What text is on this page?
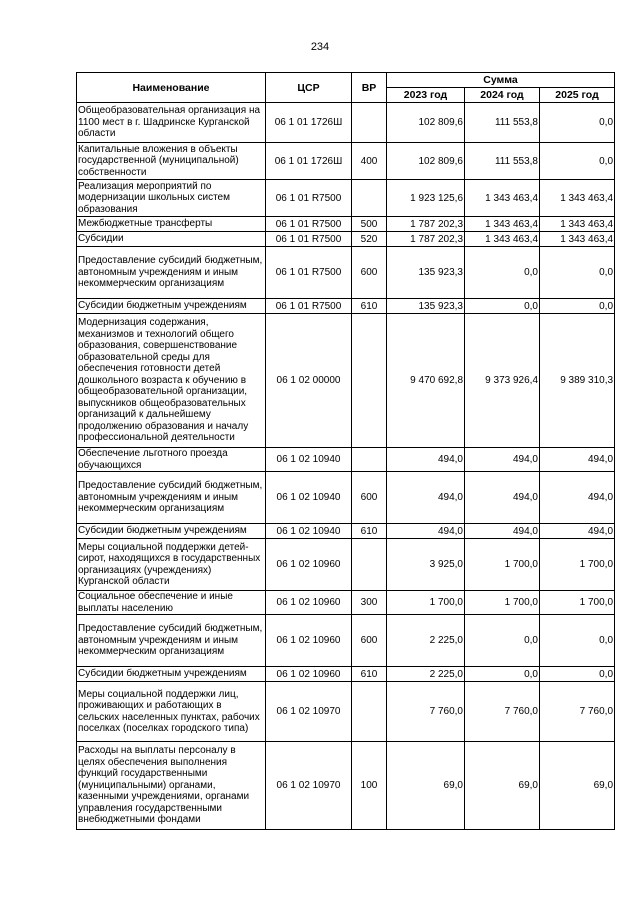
234
Наименование	ЦСР	ВР	Сумма		
			2023 год	2024 год	2025 год
Общеобразовательная организация на 1100 мест в г. Шадринске Курганской области	06 1 01 1726Ш		102 809,6	111 553,8	0,0
Капитальные вложения в объекты государственной (муниципальной) собственности	06 1 01 1726Ш	400	102 809,6	111 553,8	0,0
Реализация мероприятий по модернизации школьных систем образования	06 1 01 R7500		1 923 125,6	1 343 463,4	1 343 463,4
Межбюджетные трансферты	06 1 01 R7500	500	1 787 202,3	1 343 463,4	1 343 463,4
Субсидии	06 1 01 R7500	520	1 787 202,3	1 343 463,4	1 343 463,4
Предоставление субсидий бюджетным, автономным учреждениям и иным некоммерческим организациям	06 1 01 R7500	600	135 923,3	0,0	0,0
Субсидии бюджетным учреждениям	06 1 01 R7500	610	135 923,3	0,0	0,0
Модернизация содержания, механизмов и технологий общего образования, совершенствование образовательной среды для обеспечения готовности детей дошкольного возраста к обучению в общеобразовательной организации, выпускников общеобразовательных организаций к дальнейшему продолжению образования и началу профессиональной деятельности	06 1 02 00000		9 470 692,8	9 373 926,4	9 389 310,3
Обеспечение льготного проезда обучающихся	06 1 02 10940		494,0	494,0	494,0
Предоставление субсидий бюджетным, автономным учреждениям и иным некоммерческим организациям	06 1 02 10940	600	494,0	494,0	494,0
Субсидии бюджетным учреждениям	06 1 02 10940	610	494,0	494,0	494,0
Меры социальной поддержки детей-сирот, находящихся в государственных организациях (учреждениях) Курганской области	06 1 02 10960		3 925,0	1 700,0	1 700,0
Социальное обеспечение и иные выплаты населению	06 1 02 10960	300	1 700,0	1 700,0	1 700,0
Предоставление субсидий бюджетным, автономным учреждениям и иным некоммерческим организациям	06 1 02 10960	600	2 225,0	0,0	0,0
Субсидии бюджетным учреждениям	06 1 02 10960	610	2 225,0	0,0	0,0
Меры социальной поддержки лиц, проживающих и работающих в сельских населенных пунктах, рабочих поселках (поселках городского типа)	06 1 02 10970		7 760,0	7 760,0	7 760,0
Расходы на выплаты персоналу в целях обеспечения выполнения функций государственными (муниципальными) органами, казенными учреждениями, органами управления государственными внебюджетными фондами	06 1 02 10970	100	69,0	69,0	69,0
